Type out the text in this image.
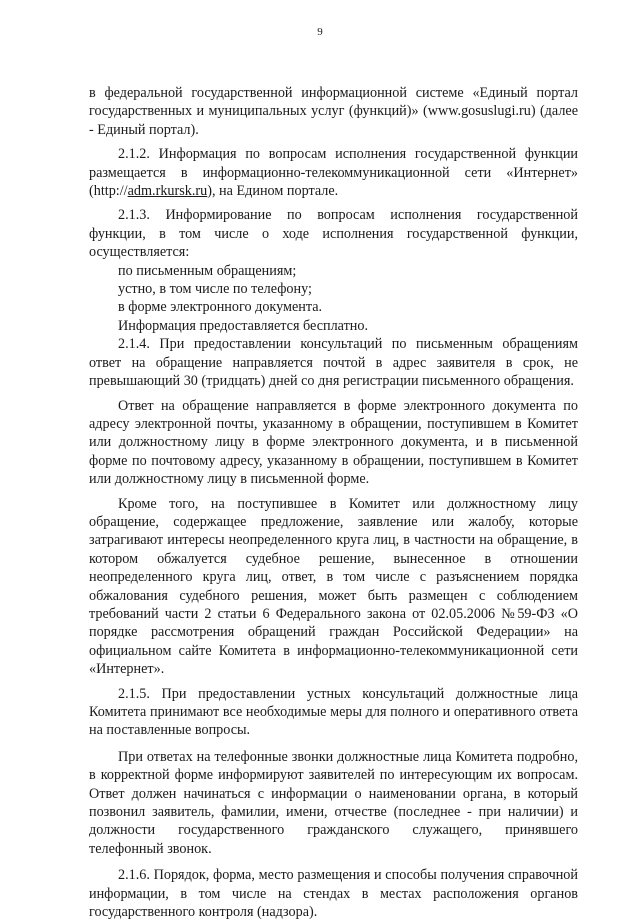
9

в федеральной государственной информационной системе «Единый портал государственных и муниципальных услуг (функций)» (www.gosuslugi.ru) (далее - Единый портал).

2.1.2. Информация по вопросам исполнения государственной функции размещается в информационно-телекоммуникационной сети «Интернет» (http://adm.rkursk.ru), на Едином портале.

2.1.3. Информирование по вопросам исполнения государственной функции, в том числе о ходе исполнения государственной функции, осуществляется:

по письменным обращениям;

устно, в том числе по телефону;

в форме электронного документа.

Информация предоставляется бесплатно.

2.1.4. При предоставлении консультаций по письменным обращениям ответ на обращение направляется почтой в адрес заявителя в срок, не превышающий 30 (тридцать) дней со дня регистрации письменного обращения.

Ответ на обращение направляется в форме электронного документа по адресу электронной почты, указанному в обращении, поступившем в Комитет или должностному лицу в форме электронного документа, и в письменной форме по почтовому адресу, указанному в обращении, поступившем в Комитет или должностному лицу в письменной форме.

Кроме того, на поступившее в Комитет или должностному лицу обращение, содержащее предложение, заявление или жалобу, которые затрагивают интересы неопределенного круга лиц, в частности на обращение, в котором обжалуется судебное решение, вынесенное в отношении неопределенного круга лиц, ответ, в том числе с разъяснением порядка обжалования судебного решения, может быть размещен с соблюдением требований части 2 статьи 6 Федерального закона от 02.05.2006 №59-ФЗ «О порядке рассмотрения обращений граждан Российской Федерации» на официальном сайте Комитета в информационно-телекоммуникационной сети «Интернет».

2.1.5. При предоставлении устных консультаций должностные лица Комитета принимают все необходимые меры для полного и оперативного ответа на поставленные вопросы.

При ответах на телефонные звонки должностные лица Комитета подробно, в корректной форме информируют заявителей по интересующим их вопросам. Ответ должен начинаться с информации о наименовании органа, в который позвонил заявитель, фамилии, имени, отчестве (последнее - при наличии) и должности государственного гражданского служащего, принявшего телефонный звонок.

2.1.6. Порядок, форма, место размещения и способы получения справочной информации, в том числе на стендах в местах расположения органов государственного контроля (надзора).
